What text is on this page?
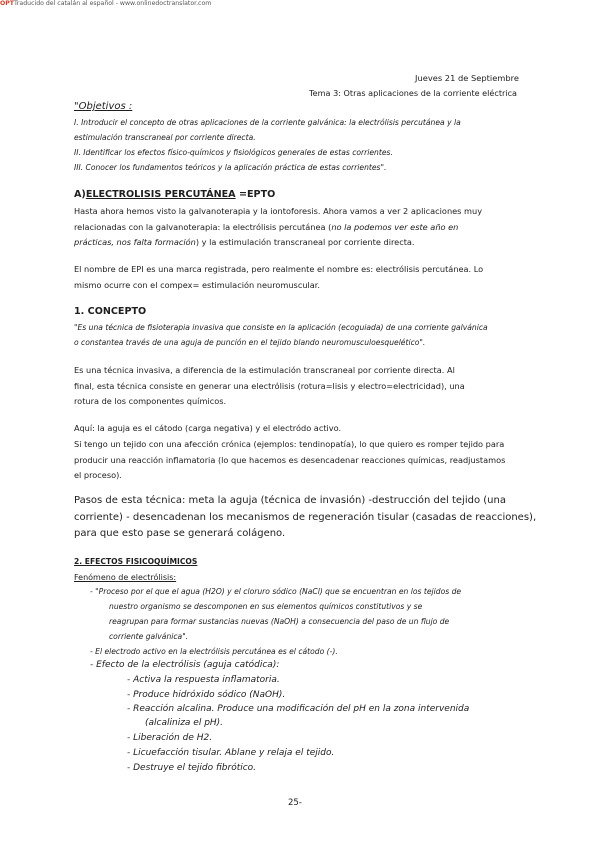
OPTTraducido del catalán al español - www.onlinedoctranslator.com
Jueves 21 de Septiembre
Tema 3: Otras aplicaciones de la corriente eléctrica
"Objetivos :
I. Introducir el concepto de otras aplicaciones de la corriente galvánica: la electrólisis percutánea y la
estimulación transcraneal por corriente directa.
II. Identificar los efectos físico-químicos y fisiológicos generales de estas corrientes.
III. Conocer los fundamentos teóricos y la aplicación práctica de estas corrientes".
A)ELECTROLISIS PERCUTÁNEA =EPTO
Hasta ahora hemos visto la galvanoterapia y la iontoforesis. Ahora vamos a ver 2 aplicaciones muy
relacionadas con la galvanoterapia: la electrólisis percutánea (no la podemos ver este año en
prácticas, nos falta formación) y la estimulación transcraneal por corriente directa.
El nombre de EPI es una marca registrada, pero realmente el nombre es: electrólisis percutánea. Lo
mismo ocurre con el compex= estimulación neuromuscular.
1. CONCEPTO
"Es una técnica de fisioterapia invasiva que consiste en la aplicación (ecoguiada) de una corriente galvánica
o constantea través de una aguja de punción en el tejido blando neuromusculoesquelético".
Es una técnica invasiva, a diferencia de la estimulación transcraneal por corriente directa. Al
final, esta técnica consiste en generar una electrólisis (rotura=lisis y electro=electricidad), una
rotura de los componentes químicos.
Aquí: la aguja es el cátodo (carga negativa) y el electródo activo.
Si tengo un tejido con una afección crónica (ejemplos: tendinopatía), lo que quiero es romper tejido para
producir una reacción inflamatoria (lo que hacemos es desencadenar reacciones químicas, readjustamos
el proceso).
Pasos de esta técnica: meta la aguja (técnica de invasión) -destrucción del tejido (una
corriente) - desencadenan los mecanismos de regeneración tisular (casadas de reacciones),
para que esto pase se generará colágeno.
2. EFECTOS FISICOQUÍMICOS
Fenómeno de electrólisis:
- "Proceso por el que el agua (H2O) y el cloruro sódico (NaCl) que se encuentran en los tejidos de
nuestro organismo se descomponen en sus elementos químicos constitutivos y se
reagrupan para formar sustancias nuevas (NaOH) a consecuencia del paso de un flujo de
corriente galvánica".
- El electrodo activo en la electrólisis percutánea es el cátodo (-).
- Efecto de la electrólisis (aguja catódica):
- Activa la respuesta inflamatoria.
- Produce hidróxido sódico (NaOH).
- Reacción alcalina. Produce una modificación del pH en la zona intervenida
(alcaliniza el pH).
- Liberación de H2.
- Licuefacción tisular. Ablane y relaja el tejido.
- Destruye el tejido fibrótico.
25-
